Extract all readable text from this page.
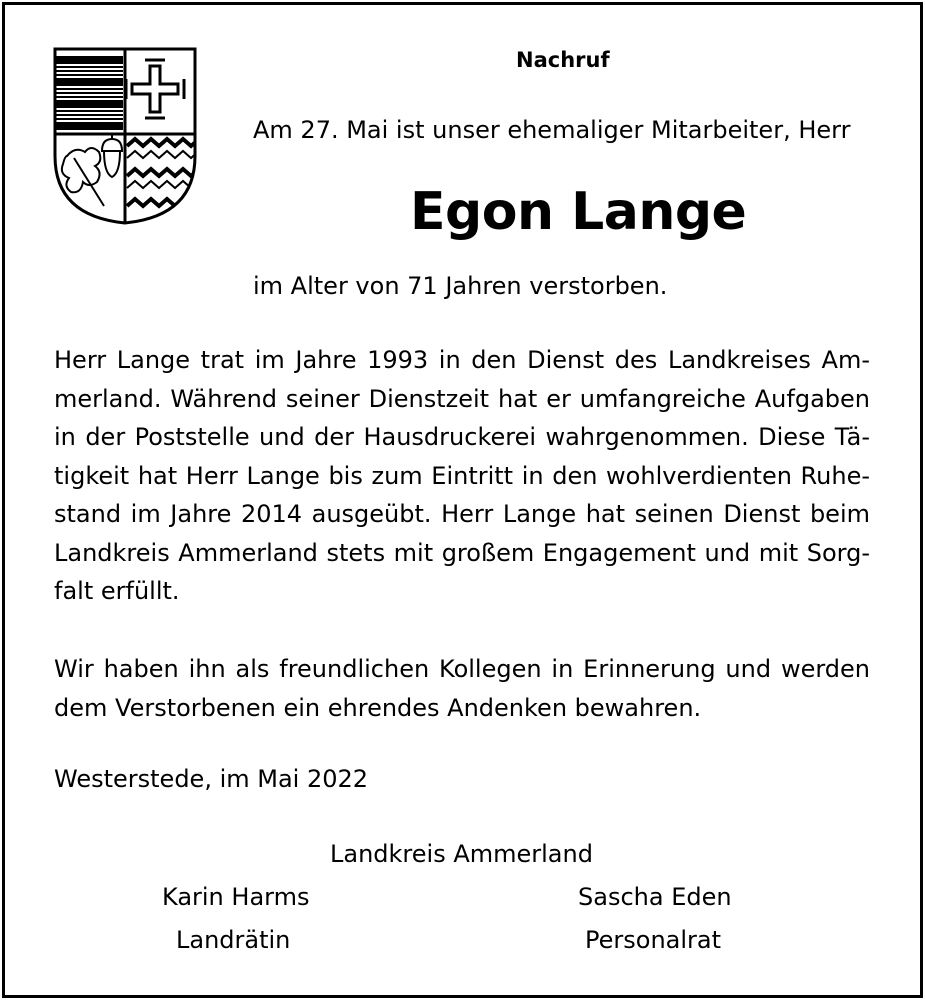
Nachruf
Am 27. Mai ist unser ehemaliger Mitarbeiter, Herr
Egon Lange
im Alter von 71 Jahren verstorben.
Herr Lange trat im Jahre 1993 in den Dienst des Landkreises Am-
merland. Während seiner Dienstzeit hat er umfangreiche Aufgaben
in der Poststelle und der Hausdruckerei wahrgenommen. Diese Tä-
tigkeit hat Herr Lange bis zum Eintritt in den wohlverdienten Ruhe-
stand im Jahre 2014 ausgeübt. Herr Lange hat seinen Dienst beim
Landkreis Ammerland stets mit großem Engagement und mit Sorg-
falt erfüllt.
Wir haben ihn als freundlichen Kollegen in Erinnerung und werden
dem Verstorbenen ein ehrendes Andenken bewahren.
Westerstede, im Mai 2022
Landkreis Ammerland
Karin Harms	Sascha Eden
Landrätin	Personalrat
